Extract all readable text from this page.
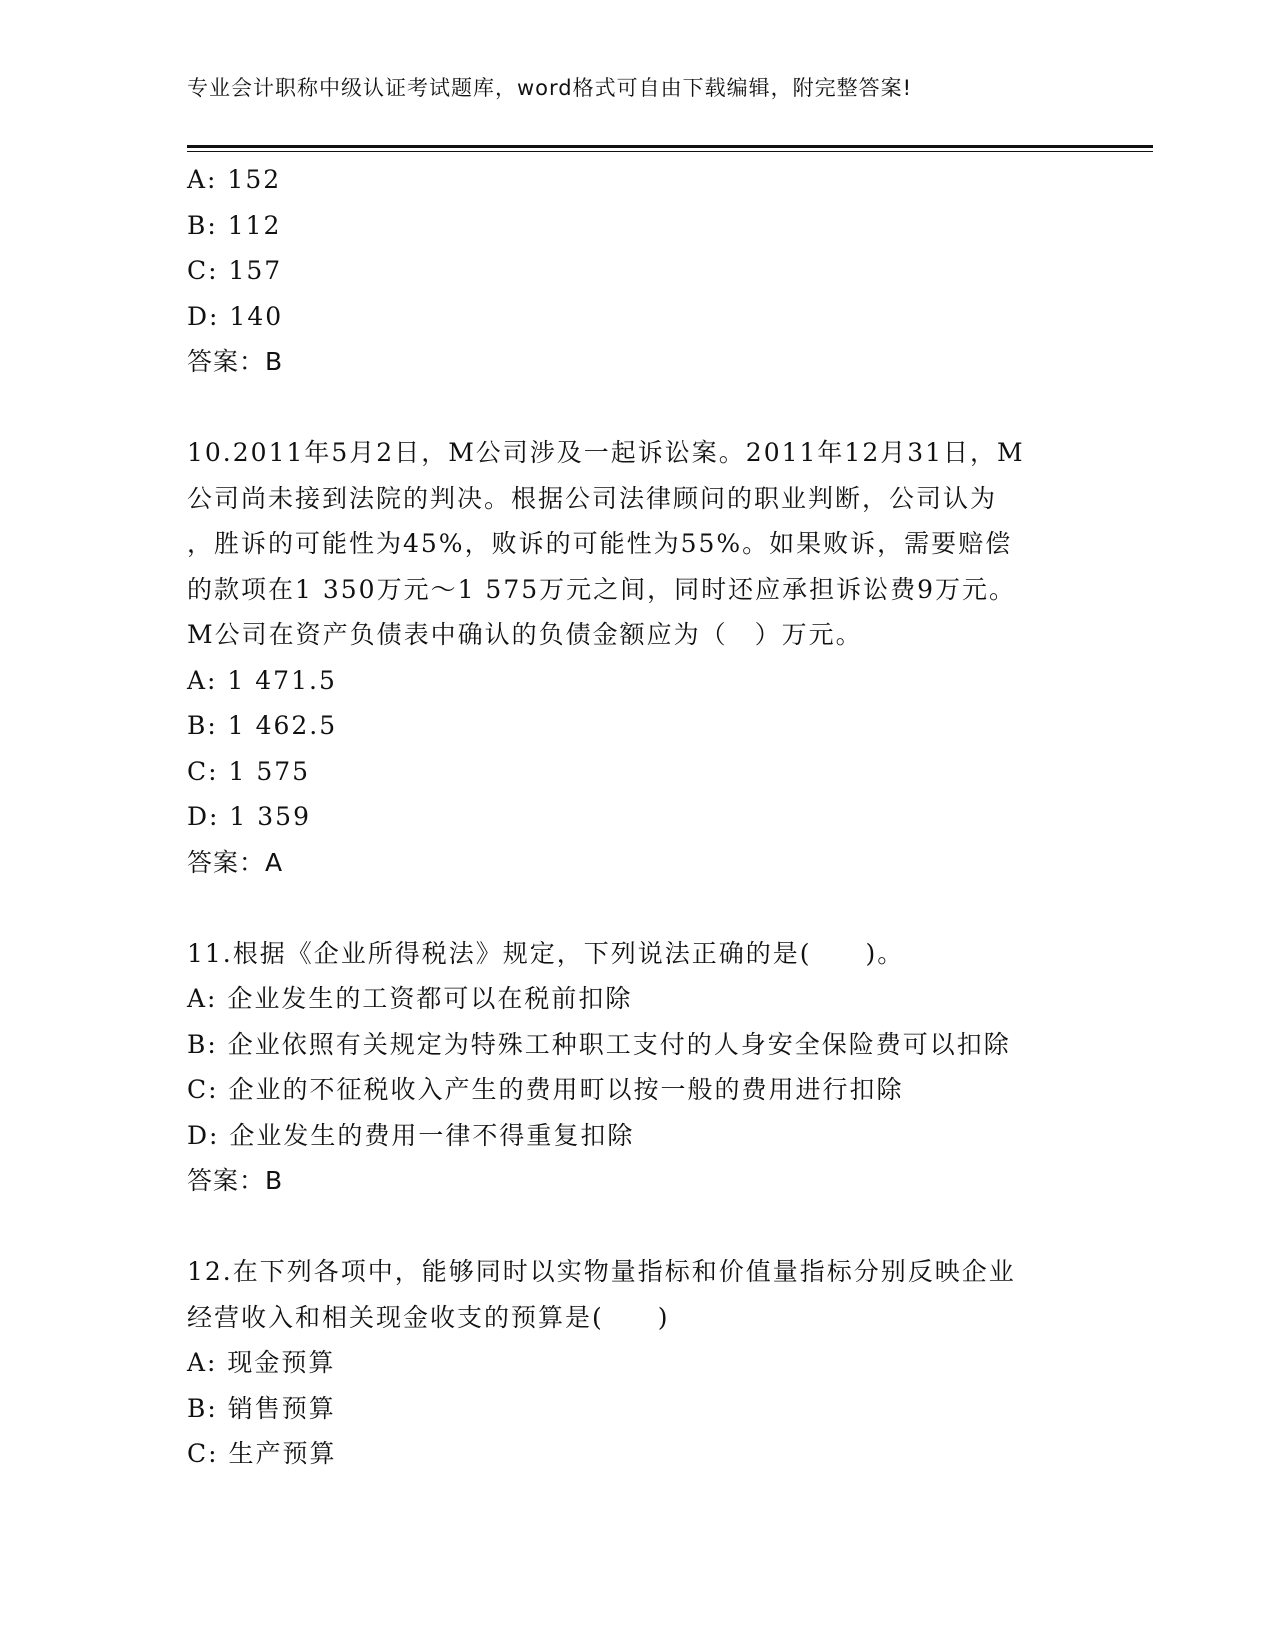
专业会计职称中级认证考试题库，word格式可自由下载编辑，附完整答案!
A: 152
B: 112
C: 157
D: 140
答案：B
10.2011年5月2日，M公司涉及一起诉讼案。2011年12月31日，M
公司尚未接到法院的判决。根据公司法律顾问的职业判断，公司认为
，胜诉的可能性为45%，败诉的可能性为55%。如果败诉，需要赔偿
的款项在1 350万元～1 575万元之间，同时还应承担诉讼费9万元。
M公司在资产负债表中确认的负债金额应为（　）万元。
A: 1 471.5
B: 1 462.5
C: 1 575
D: 1 359
答案：A
11.根据《企业所得税法》规定，下列说法正确的是(　　)。
A: 企业发生的工资都可以在税前扣除
B: 企业依照有关规定为特殊工种职工支付的人身安全保险费可以扣除
C: 企业的不征税收入产生的费用町以按一般的费用进行扣除
D: 企业发生的费用一律不得重复扣除
答案：B
12.在下列各项中，能够同时以实物量指标和价值量指标分别反映企业
经营收入和相关现金收支的预算是(　　)
A: 现金预算
B: 销售预算
C: 生产预算
